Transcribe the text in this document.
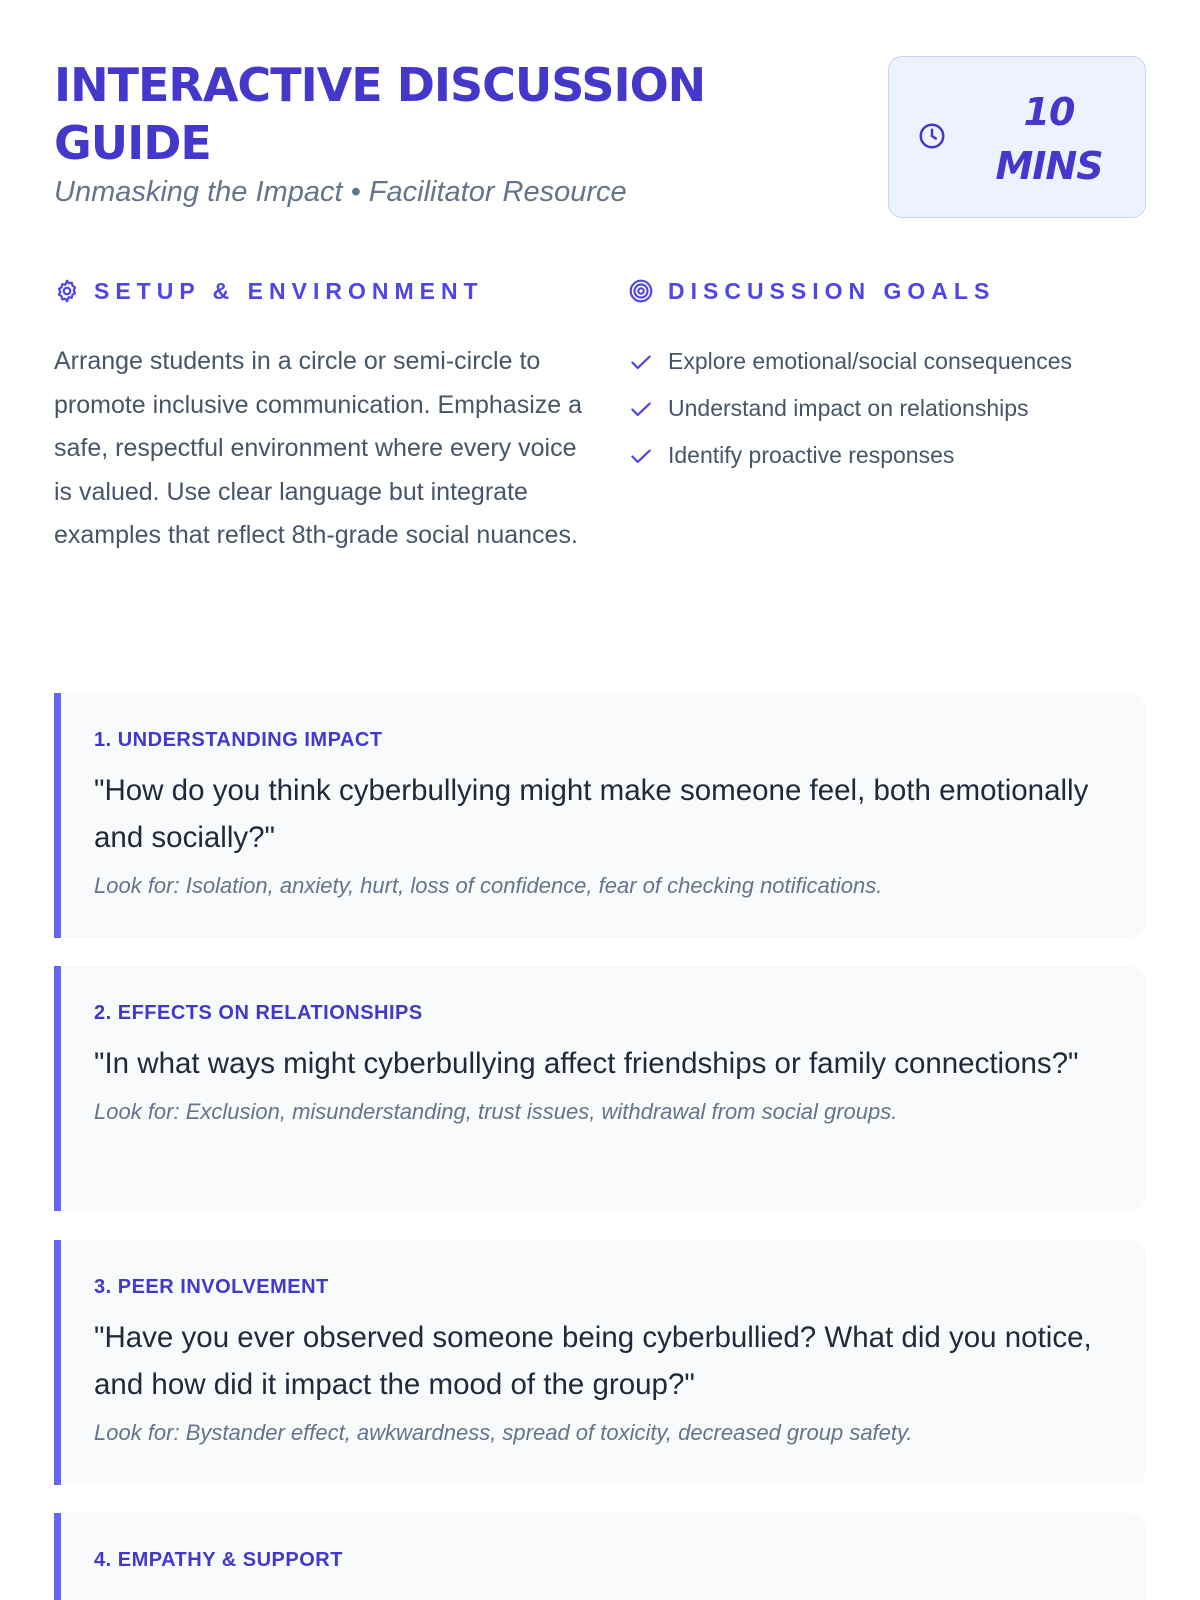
INTERACTIVE DISCUSSION GUIDE
Unmasking the Impact • Facilitator Resource
10 MINS
SETUP & ENVIRONMENT

Arrange students in a circle or semi-circle to promote inclusive communication. Emphasize a safe, respectful environment where every voice is valued. Use clear language but integrate examples that reflect 8th-grade social nuances.

DISCUSSION GOALS
Explore emotional/social consequences
Understand impact on relationships
Identify proactive responses
1. UNDERSTANDING IMPACT
"How do you think cyberbullying might make someone feel, both emotionally and socially?"
Look for: Isolation, anxiety, hurt, loss of confidence, fear of checking notifications.
2. EFFECTS ON RELATIONSHIPS
"In what ways might cyberbullying affect friendships or family connections?"
Look for: Exclusion, misunderstanding, trust issues, withdrawal from social groups.
3. PEER INVOLVEMENT
"Have you ever observed someone being cyberbullied? What did you notice, and how did it impact the mood of the group?"
Look for: Bystander effect, awkwardness, spread of toxicity, decreased group safety.
4. EMPATHY & SUPPORT
